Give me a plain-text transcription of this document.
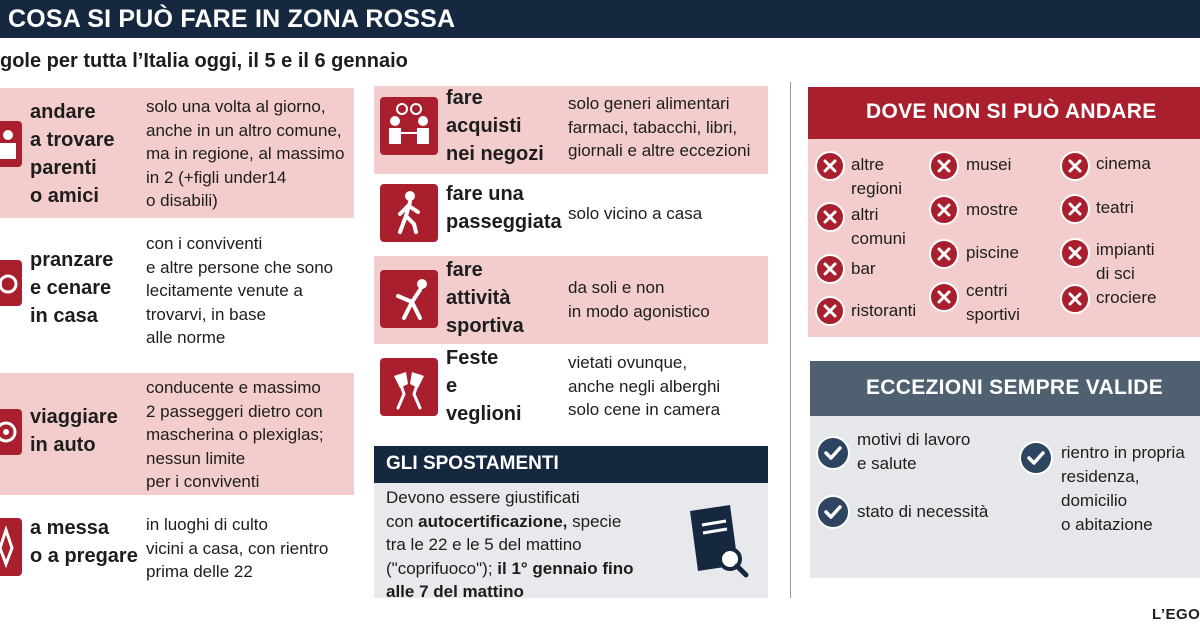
COSA SI PUÒ FARE IN ZONA ROSSA
gole per tutta l’Italia oggi, il 5 e il 6 gennaio
andare
a trovare
parenti
o amici
solo una volta al giorno,
anche in un altro comune,
ma in regione, al massimo
in 2 (+figli under14
o disabili)
pranzare
e cenare
in casa
con i conviventi
e altre persone che sono
lecitamente venute a
trovarvi, in base
alle norme
viaggiare
in auto
conducente e massimo
2 passeggeri dietro con
mascherina o plexiglas;
nessun limite
per i conviventi
a messa
o a pregare
in luoghi di culto
vicini a casa, con rientro
prima delle 22
fare
acquisti
nei negozi
solo generi alimentari
farmaci, tabacchi, libri,
giornali e altre eccezioni
fare una
passeggiata solo vicino a casa
fare
attività
sportiva
da soli e non
in modo agonistico
Feste
e
veglioni
vietati ovunque,
anche negli alberghi
solo cene in camera
GLI SPOSTAMENTI
Devono essere giustificati
con autocertificazione, specie
tra le 22 e le 5 del mattino
("coprifuoco"); il 1° gennaio fino
alle 7 del mattino
DOVE NON SI PUÒ ANDARE
altre
regioni
altri
comuni
bar
ristoranti
musei
mostre
piscine
centri
sportivi
cinema
teatri
impianti
di sci
crociere
ECCEZIONI SEMPRE VALIDE
motivi di lavoro
e salute
stato di necessità
rientro in propria
residenza,
domicilio
o abitazione
L’EGO
